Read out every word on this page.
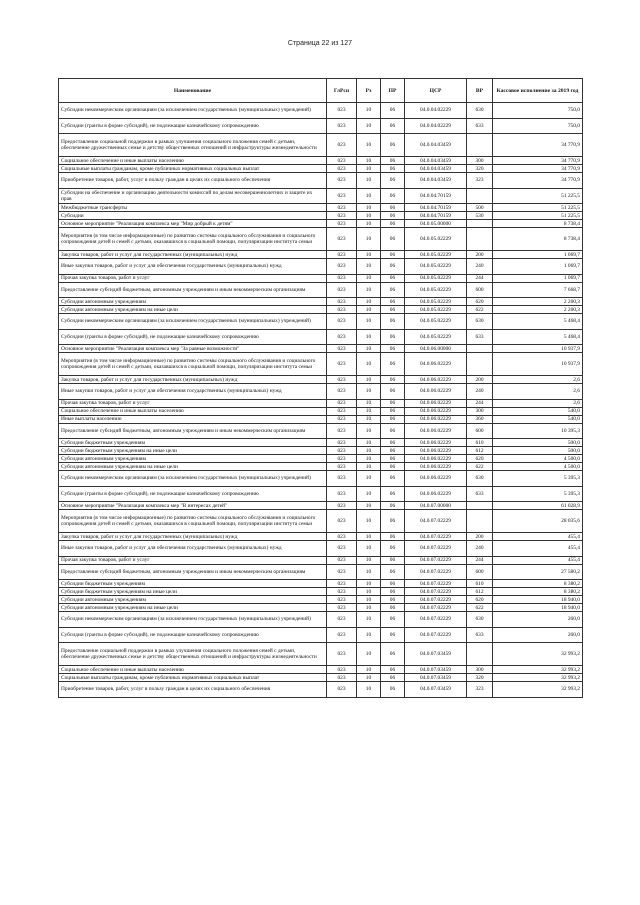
Страница 22 из 127
Наименование	ГлРсп	Рз	ПР	ЦСР	ВР	Кассовое исполнение за 2019 год
Субсидии некоммерческим организациям (за исключением государственных (муниципальных) учреждений)	023	10	06	04.0.04.02229	630	750,0
Субсидии (гранты в форме субсидий), не подлежащие казначейскому сопровождению	023	10	06	04.0.04.02229	633	750,0
Предоставление социальной поддержки в рамках улучшения социального положения семей с детьми, обеспечение дружественных семье и детству общественных отношений и инфраструктуры жизнедеятельности	023	10	06	04.0.04.03459		34 770,9
Социальное обеспечение и иные выплаты населению	023	10	06	04.0.04.03459	300	34 770,9
Социальные выплаты гражданам, кроме публичных нормативных социальных выплат	023	10	06	04.0.04.03459	320	34 770,9
Приобретение товаров, работ, услуг в пользу граждан в целях их социального обеспечения	023	10	06	04.0.04.03459	323	34 770,9
Субсидии на обеспечение и организацию деятельности комиссий по делам несовершеннолетних и защите их прав	023	10	06	04.0.04.70159		51 225,5
Межбюджетные трансферты	023	10	06	04.0.04.70159	500	51 225,5
Субсидии	023	10	06	04.0.04.70159	530	51 225,5
Основное мероприятие "Реализация комплекса мер "Мир добрый к детям"	023	10	06	04.0.05.00000		8 738,4
Мероприятия (в том числе информационные) по развитию системы социального обслуживания и социального сопровождения детей и семей с детьми, оказавшихся в социальной помощи, популяризации института семьи	023	10	06	04.0.05.02229		8 738,4
Закупка товаров, работ и услуг для государственных (муниципальных) нужд	023	10	06	04.0.05.02229	200	1 069,7
Иные закупки товаров, работ и услуг для обеспечения государственных (муниципальных) нужд	023	10	06	04.0.05.02229	240	1 069,7
Прочая закупка товаров, работ и услуг	023	10	06	04.0.05.02229	244	1 069,7
Предоставление субсидий бюджетным, автономным учреждениям и иным некоммерческим организациям	023	10	06	04.0.05.02229	600	7 668,7
Субсидии автономным учреждениям	023	10	06	04.0.05.02229	620	2 200,3
Субсидии автономным учреждениям на иные цели	023	10	06	04.0.05.02229	622	2 200,3
Субсидии некоммерческим организациям (за исключением государственных (муниципальных) учреждений)	023	10	06	04.0.05.02229	630	5 468,4
Субсидии (гранты в форме субсидий), не подлежащие казначейскому сопровождению	023	10	06	04.0.05.02229	633	5 468,4
Основное мероприятие "Реализация комплекса мер "За равные возможности"	023	10	06	04.0.06.00000		10 937,9
Мероприятия (в том числе информационные) по развитию системы социального обслуживания и социального сопровождения детей и семей с детьми, оказавшихся в социальной помощи, популяризации института семьи	023	10	06	04.0.06.02229		10 937,9
Закупка товаров, работ и услуг для государственных (муниципальных) нужд	023	10	06	04.0.06.02229	200	2,6
Иные закупки товаров, работ и услуг для обеспечения государственных (муниципальных) нужд	023	10	06	04.0.06.02229	240	2,6
Прочая закупка товаров, работ и услуг	023	10	06	04.0.06.02229	244	2,6
Социальное обеспечение и иные выплаты населению	023	10	06	04.0.06.02229	300	540,0
Иные выплаты населению	023	10	06	04.0.06.02229	360	540,0
Предоставление субсидий бюджетным, автономным учреждениям и иным некоммерческим организациям	023	10	06	04.0.06.02229	600	10 395,3
Субсидии бюджетным учреждениям	023	10	06	04.0.06.02229	610	500,0
Субсидии бюджетным учреждениям на иные цели	023	10	06	04.0.06.02229	612	500,0
Субсидии автономным учреждениям	023	10	06	04.0.06.02229	620	4 500,0
Субсидии автономным учреждениям на иные цели	023	10	06	04.0.06.02229	622	4 500,0
Субсидии некоммерческим организациям (за исключением государственных (муниципальных) учреждений)	023	10	06	04.0.06.02229	630	5 395,3
Субсидии (гранты в форме субсидий), не подлежащие казначейскому сопровождению	023	10	06	04.0.06.02229	633	5 395,3
Основное мероприятие "Реализация комплекса мер "В интересах детей"	023	10	06	04.0.07.00000		61 028,9
Мероприятия (в том числе информационные) по развитию системы социального обслуживания и социального сопровождения детей и семей с детьми, оказавшихся в социальной помощи, популяризации института семьи	023	10	06	04.0.07.02229		28 035,6
Закупка товаров, работ и услуг для государственных (муниципальных) нужд	023	10	06	04.0.07.02229	200	455,4
Иные закупки товаров, работ и услуг для обеспечения государственных (муниципальных) нужд	023	10	06	04.0.07.02229	240	455,4
Прочая закупка товаров, работ и услуг	023	10	06	04.0.07.02229	244	455,4
Предоставление субсидий бюджетным, автономным учреждениям и иным некоммерческим организациям	023	10	06	04.0.07.02229	600	27 580,2
Субсидии бюджетным учреждениям	023	10	06	04.0.07.02229	610	8 380,2
Субсидии бюджетным учреждениям на иные цели	023	10	06	04.0.07.02229	612	8 380,2
Субсидии автономным учреждениям	023	10	06	04.0.07.02229	620	18 940,0
Субсидии автономным учреждениям на иные цели	023	10	06	04.0.07.02229	622	18 940,0
Субсидии некоммерческим организациям (за исключением государственных (муниципальных) учреждений)	023	10	06	04.0.07.02229	630	260,0
Субсидии (гранты в форме субсидий), не подлежащие казначейскому сопровождению	023	10	06	04.0.07.02229	633	260,0
Предоставление социальной поддержки в рамках улучшения социального положения семей с детьми, обеспечение дружественных семье и детству общественных отношений и инфраструктуры жизнедеятельности	023	10	06	04.0.07.03459		32 993,2
Социальное обеспечение и иные выплаты населению	023	10	06	04.0.07.03459	300	32 993,2
Социальные выплаты гражданам, кроме публичных нормативных социальных выплат	023	10	06	04.0.07.03459	320	32 993,2
Приобретение товаров, работ, услуг в пользу граждан в целях их социального обеспечения	023	10	06	04.0.07.03459	323	32 993,2
